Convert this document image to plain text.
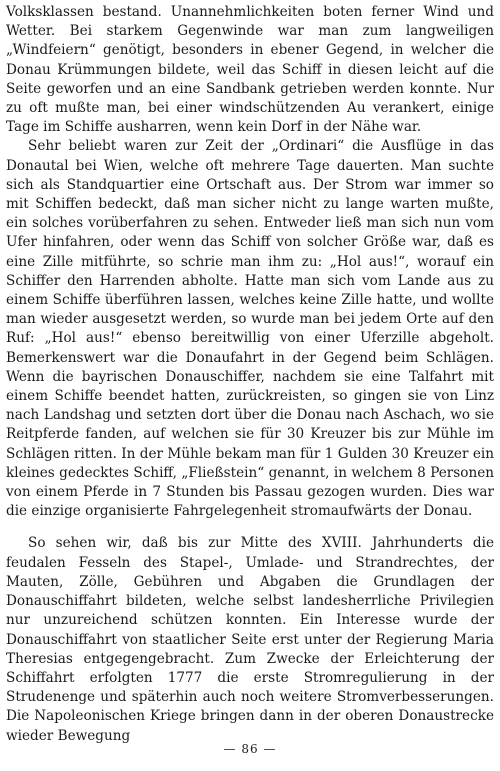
Volksklassen bestand. Unannehmlichkeiten boten ferner Wind und Wetter. Bei starkem Gegenwinde war man zum langweiligen „Windfeiern“ genötigt, besonders in ebener Gegend, in welcher die Donau Krümmungen bildete, weil das Schiff in diesen leicht auf die Seite geworfen und an eine Sandbank getrieben werden konnte. Nur zu oft mußte man, bei einer windschützenden Au verankert, einige Tage im Schiffe ausharren, wenn kein Dorf in der Nähe war.

Sehr beliebt waren zur Zeit der „Ordinari“ die Ausflüge in das Donautal bei Wien, welche oft mehrere Tage dauerten. Man suchte sich als Standquartier eine Ortschaft aus. Der Strom war immer so mit Schiffen bedeckt, daß man sicher nicht zu lange warten mußte, ein solches vorüberfahren zu sehen. Entweder ließ man sich nun vom Ufer hinfahren, oder wenn das Schiff von solcher Größe war, daß es eine Zille mitführte, so schrie man ihm zu: „Hol aus!“, worauf ein Schiffer den Harrenden abholte. Hatte man sich vom Lande aus zu einem Schiffe überführen lassen, welches keine Zille hatte, und wollte man wieder ausgesetzt werden, so wurde man bei jedem Orte auf den Ruf: „Hol aus!“ ebenso bereitwillig von einer Uferzille abgeholt. Bemerkenswert war die Donaufahrt in der Gegend beim Schlägen. Wenn die bayrischen Donauschiffer, nachdem sie eine Talfahrt mit einem Schiffe beendet hatten, zurückreisten, so gingen sie von Linz nach Landshag und setzten dort über die Donau nach Aschach, wo sie Reitpferde fanden, auf welchen sie für 30 Kreuzer bis zur Mühle im Schlägen ritten. In der Mühle bekam man für 1 Gulden 30 Kreuzer ein kleines gedecktes Schiff, „Fließstein“ genannt, in welchem 8 Personen von einem Pferde in 7 Stunden bis Passau gezogen wurden. Dies war die einzige organisierte Fahrgelegenheit stromaufwärts der Donau.

So sehen wir, daß bis zur Mitte des XVIII. Jahrhunderts die feudalen Fesseln des Stapel-, Umlade- und Strandrechtes, der Mauten, Zölle, Gebühren und Abgaben die Grundlagen der Donauschiffahrt bildeten, welche selbst landesherrliche Privilegien nur unzureichend schützen konnten. Ein Interesse wurde der Donauschiffahrt von staatlicher Seite erst unter der Regierung Maria Theresias entgegengebracht. Zum Zwecke der Erleichterung der Schiffahrt erfolgten 1777 die erste Stromregulierung in der Strudenenge und späterhin auch noch weitere Stromverbesserungen. Die Napoleonischen Kriege bringen dann in der oberen Donaustrecke wieder Bewegung

— 86 —
